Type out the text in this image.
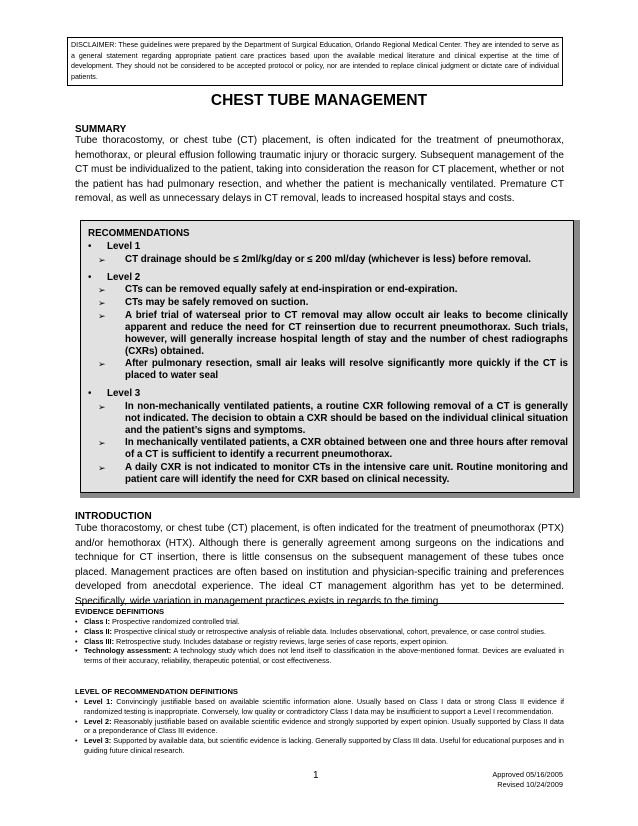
DISCLAIMER: These guidelines were prepared by the Department of Surgical Education, Orlando Regional Medical Center. They are intended to serve as a general statement regarding appropriate patient care practices based upon the available medical literature and clinical expertise at the time of development. They should not be considered to be accepted protocol or policy, nor are intended to replace clinical judgment or dictate care of individual patients.
CHEST TUBE MANAGEMENT
SUMMARY
Tube thoracostomy, or chest tube (CT) placement, is often indicated for the treatment of pneumothorax, hemothorax, or pleural effusion following traumatic injury or thoracic surgery. Subsequent management of the CT must be individualized to the patient, taking into consideration the reason for CT placement, whether or not the patient has had pulmonary resection, and whether the patient is mechanically ventilated. Premature CT removal, as well as unnecessary delays in CT removal, leads to increased hospital stays and costs.
RECOMMENDATIONS
• Level 1
➢ CT drainage should be ≤ 2ml/kg/day or ≤ 200 ml/day (whichever is less) before removal.
• Level 2
➢ CTs can be removed equally safely at end-inspiration or end-expiration.
➢ CTs may be safely removed on suction.
➢ A brief trial of waterseal prior to CT removal may allow occult air leaks to become clinically apparent and reduce the need for CT reinsertion due to recurrent pneumothorax. Such trials, however, will generally increase hospital length of stay and the number of chest radiographs (CXRs) obtained.
➢ After pulmonary resection, small air leaks will resolve significantly more quickly if the CT is placed to water seal
• Level 3
➢ In non-mechanically ventilated patients, a routine CXR following removal of a CT is generally not indicated. The decision to obtain a CXR should be based on the individual clinical situation and the patient’s signs and symptoms.
➢ In mechanically ventilated patients, a CXR obtained between one and three hours after removal of a CT is sufficient to identify a recurrent pneumothorax.
➢ A daily CXR is not indicated to monitor CTs in the intensive care unit. Routine monitoring and patient care will identify the need for CXR based on clinical necessity.
INTRODUCTION
Tube thoracostomy, or chest tube (CT) placement, is often indicated for the treatment of pneumothorax (PTX) and/or hemothorax (HTX). Although there is generally agreement among surgeons on the indications and technique for CT insertion, there is little consensus on the subsequent management of these tubes once placed. Management practices are often based on institution and physician-specific training and preferences developed from anecdotal experience. The ideal CT management algorithm has yet to be determined. Specifically, wide variation in management practices exists in regards to the timing
EVIDENCE DEFINITIONS
• Class I: Prospective randomized controlled trial.
• Class II: Prospective clinical study or retrospective analysis of reliable data. Includes observational, cohort, prevalence, or case control studies.
• Class III: Retrospective study. Includes database or registry reviews, large series of case reports, expert opinion.
• Technology assessment: A technology study which does not lend itself to classification in the above-mentioned format. Devices are evaluated in terms of their accuracy, reliability, therapeutic potential, or cost effectiveness.
LEVEL OF RECOMMENDATION DEFINITIONS
• Level 1: Convincingly justifiable based on available scientific information alone. Usually based on Class I data or strong Class II evidence if randomized testing is inappropriate. Conversely, low quality or contradictory Class I data may be insufficient to support a Level I recommendation.
• Level 2: Reasonably justifiable based on available scientific evidence and strongly supported by expert opinion. Usually supported by Class II data or a preponderance of Class III evidence.
• Level 3: Supported by available data, but scientific evidence is lacking. Generally supported by Class III data. Useful for educational purposes and in guiding future clinical research.
1	Approved 05/16/2005
Revised 10/24/2009
